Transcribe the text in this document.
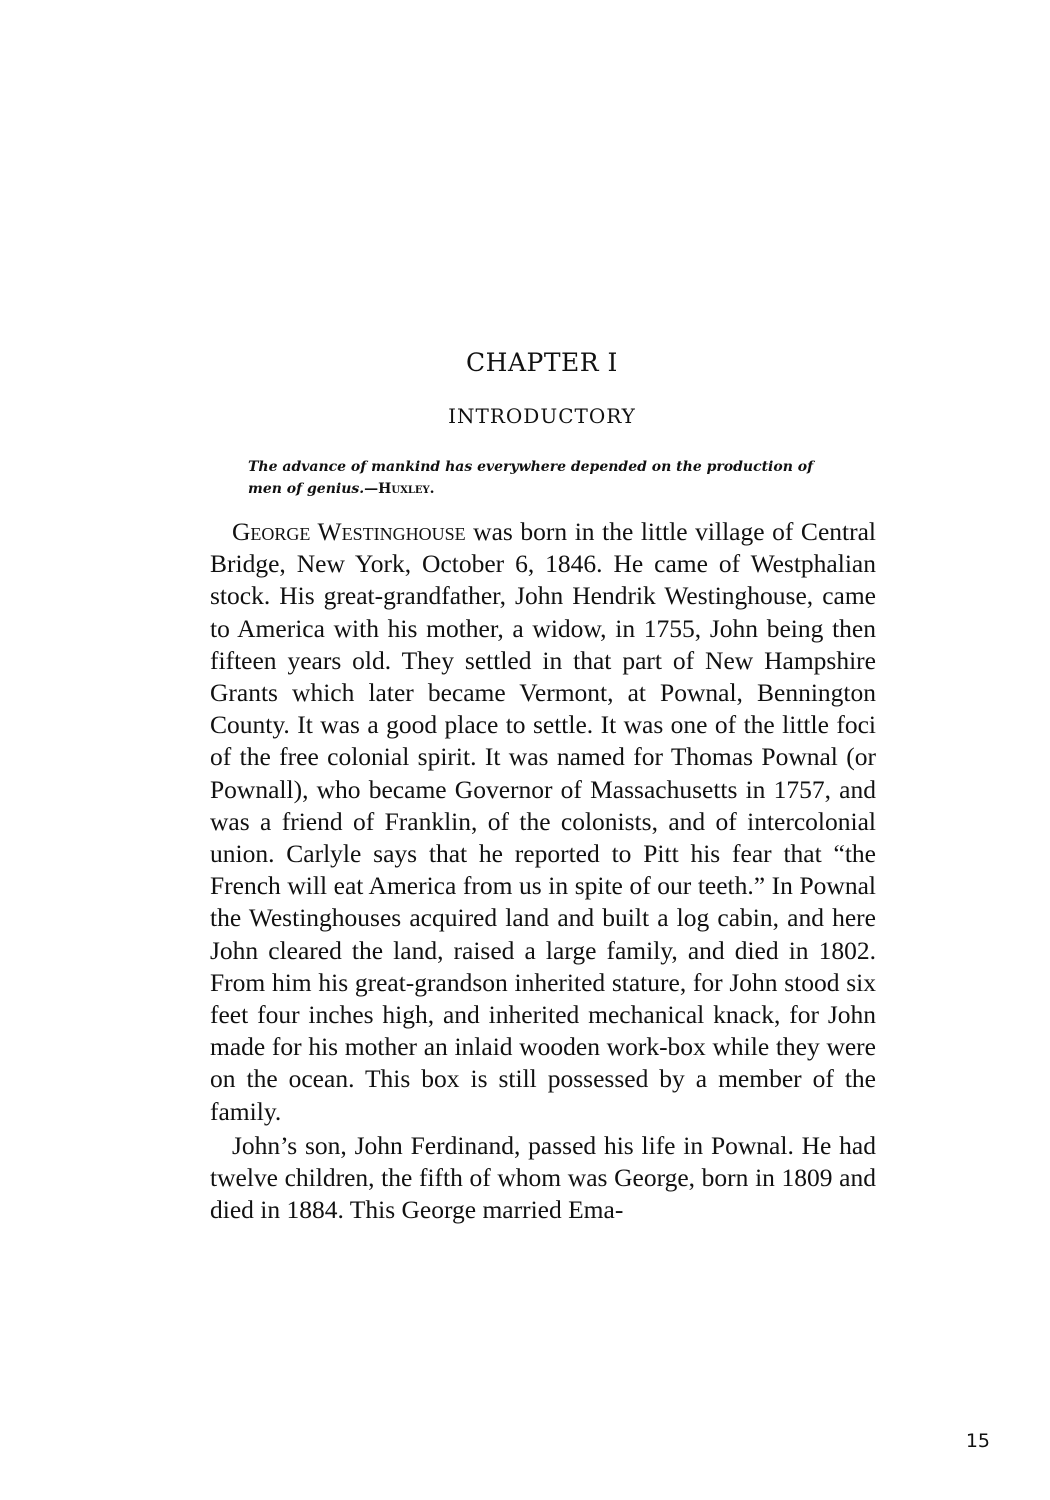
CHAPTER I
INTRODUCTORY
The advance of mankind has everywhere depended on the production of men of genius.—Huxley.

George Westinghouse was born in the little village of Central Bridge, New York, October 6, 1846. He came of Westphalian stock. His great-grandfather, John Hendrik Westinghouse, came to America with his mother, a widow, in 1755, John being then fifteen years old. They settled in that part of New Hampshire Grants which later became Vermont, at Pownal, Bennington County. It was a good place to settle. It was one of the little foci of the free colonial spirit. It was named for Thomas Pownal (or Pownall), who became Governor of Massachusetts in 1757, and was a friend of Franklin, of the colonists, and of intercolonial union. Carlyle says that he reported to Pitt his fear that “the French will eat America from us in spite of our teeth.” In Pownal the Westinghouses acquired land and built a log cabin, and here John cleared the land, raised a large family, and died in 1802. From him his great-grandson inherited stature, for John stood six feet four inches high, and inherited mechanical knack, for John made for his mother an inlaid wooden work-box while they were on the ocean. This box is still possessed by a member of the family.

John’s son, John Ferdinand, passed his life in Pownal. He had twelve children, the fifth of whom was George, born in 1809 and died in 1884. This George married Ema-

15
